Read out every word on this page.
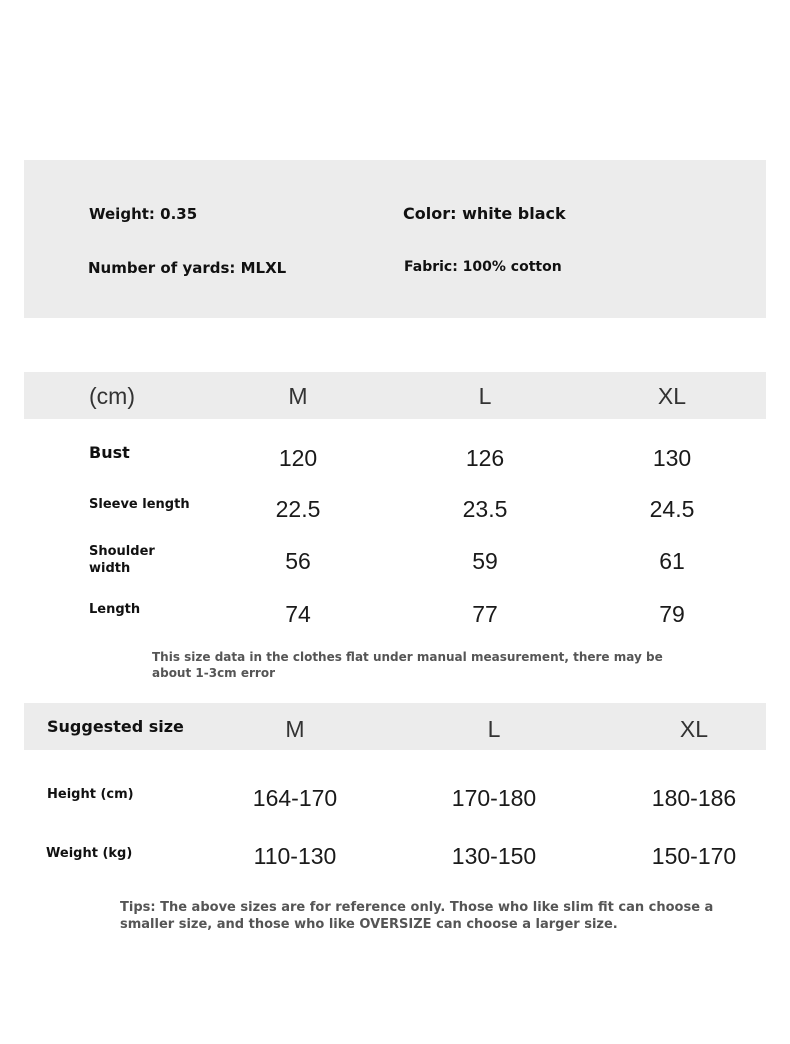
Weight: 0.35	Color: white black
Number of yards: MLXL	Fabric: 100% cotton
(cm)	M	L	XL
Bust	120	126	130
Sleeve length	22.5	23.5	24.5
Shoulder
width	56	59	61
Length	74	77	79
This size data in the clothes flat under manual measurement, there may be
about 1-3cm error
Suggested size	M	L	XL
Height (cm)	164-170	170-180	180-186
Weight (kg)	110-130	130-150	150-170
Tips: The above sizes are for reference only. Those who like slim fit can choose a
smaller size, and those who like OVERSIZE can choose a larger size.
